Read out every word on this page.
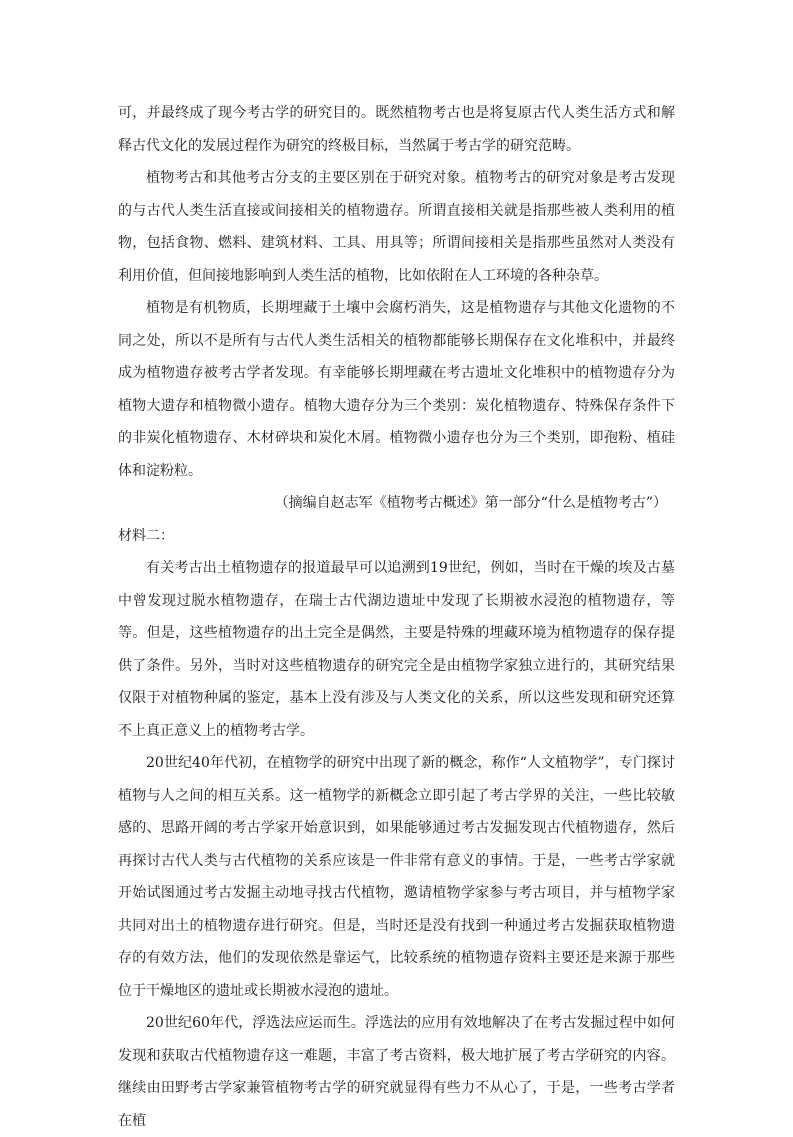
可，并最终成了现今考古学的研究目的。既然植物考古也是将复原古代人类生活方式和解释古代文化的发展过程作为研究的终极目标，当然属于考古学的研究范畴。

植物考古和其他考古分支的主要区别在于研究对象。植物考古的研究对象是考古发现的与古代人类生活直接或间接相关的植物遗存。所谓直接相关就是指那些被人类利用的植物，包括食物、燃料、建筑材料、工具、用具等；所谓间接相关是指那些虽然对人类没有利用价值，但间接地影响到人类生活的植物，比如依附在人工环境的各种杂草。

植物是有机物质，长期埋藏于土壤中会腐朽消失，这是植物遗存与其他文化遗物的不同之处，所以不是所有与古代人类生活相关的植物都能够长期保存在文化堆积中，并最终成为植物遗存被考古学者发现。有幸能够长期埋藏在考古遗址文化堆积中的植物遗存分为植物大遗存和植物微小遗存。植物大遗存分为三个类别：炭化植物遗存、特殊保存条件下的非炭化植物遗存、木材碎块和炭化木屑。植物微小遗存也分为三个类别，即孢粉、植硅体和淀粉粒。

（摘编自赵志军《植物考古概述》第一部分“什么是植物考古”）

材料二：

有关考古出土植物遗存的报道最早可以追溯到19世纪，例如，当时在干燥的埃及古墓中曾发现过脱水植物遗存，在瑞士古代湖边遗址中发现了长期被水浸泡的植物遗存，等等。但是，这些植物遗存的出土完全是偶然，主要是特殊的埋藏环境为植物遗存的保存提供了条件。另外，当时对这些植物遗存的研究完全是由植物学家独立进行的，其研究结果仅限于对植物种属的鉴定，基本上没有涉及与人类文化的关系，所以这些发现和研究还算不上真正意义上的植物考古学。

20世纪40年代初，在植物学的研究中出现了新的概念，称作“人文植物学”，专门探讨植物与人之间的相互关系。这一植物学的新概念立即引起了考古学界的关注，一些比较敏感的、思路开阔的考古学家开始意识到，如果能够通过考古发掘发现古代植物遗存，然后再探讨古代人类与古代植物的关系应该是一件非常有意义的事情。于是，一些考古学家就开始试图通过考古发掘主动地寻找古代植物，邀请植物学家参与考古项目，并与植物学家共同对出土的植物遗存进行研究。但是，当时还是没有找到一种通过考古发掘获取植物遗存的有效方法，他们的发现依然是靠运气，比较系统的植物遗存资料主要还是来源于那些位于干燥地区的遗址或长期被水浸泡的遗址。

20世纪60年代，浮选法应运而生。浮选法的应用有效地解决了在考古发掘过程中如何发现和获取古代植物遗存这一难题，丰富了考古资料，极大地扩展了考古学研究的内容。继续由田野考古学家兼管植物考古学的研究就显得有些力不从心了，于是，一些考古学者在植
